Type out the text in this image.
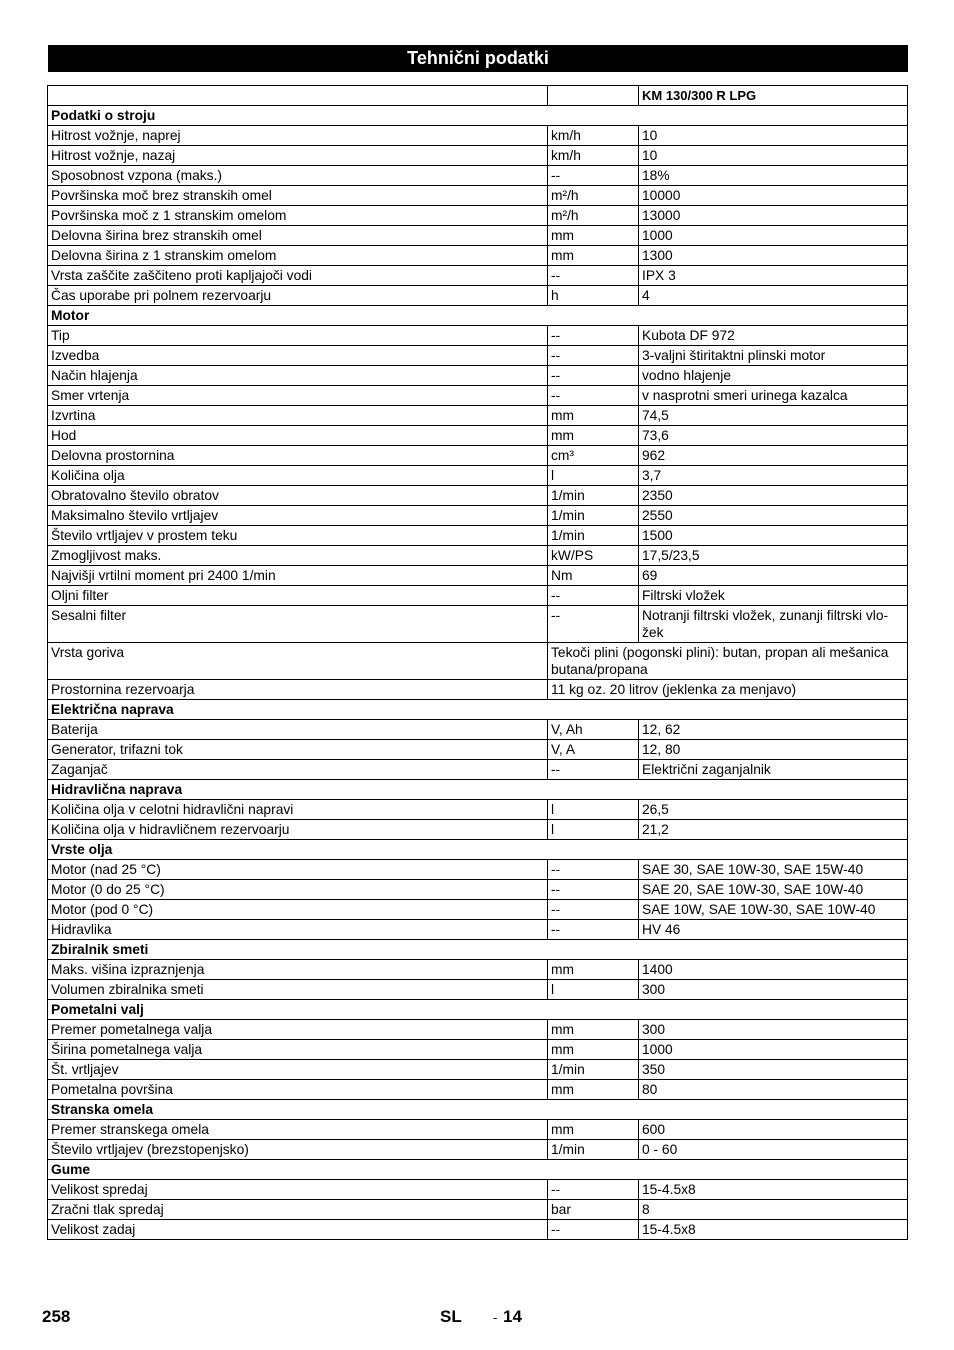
Tehnični podatki
		KM 130/300 R LPG
Podatki o stroju		
Hitrost vožnje, naprej	km/h	10
Hitrost vožnje, nazaj	km/h	10
Sposobnost vzpona (maks.)	--	18%
Površinska moč brez stranskih omel	m²/h	10000
Površinska moč z 1 stranskim omelom	m²/h	13000
Delovna širina brez stranskih omel	mm	1000
Delovna širina z 1 stranskim omelom	mm	1300
Vrsta zaščite zaščiteno proti kapljajoči vodi	--	IPX 3
Čas uporabe pri polnem rezervoarju	h	4
Motor		
Tip	--	Kubota DF 972
Izvedba	--	3-valjni štiritaktni plinski motor
Način hlajenja	--	vodno hlajenje
Smer vrtenja	--	v nasprotni smeri urinega kazalca
Izvrtina	mm	74,5
Hod	mm	73,6
Delovna prostornina	cm³	962
Količina olja	l	3,7
Obratovalno število obratov	1/min	2350
Maksimalno število vrtljajev	1/min	2550
Število vrtljajev v prostem teku	1/min	1500
Zmogljivost maks.	kW/PS	17,5/23,5
Najvišji vrtilni moment pri 2400 1/min	Nm	69
Oljni filter	--	Filtrski vložek
Sesalni filter	--	Notranji filtrski vložek, zunanji filtrski vlo-žek
Vrsta goriva	Tekoči plini (pogonski plini): butan, propan ali mešanica butana/propana	
Prostornina rezervoarja	11 kg oz. 20 litrov (jeklenka za menjavo)	
Električna naprava		
Baterija	V, Ah	12, 62
Generator, trifazni tok	V, A	12, 80
Zaganjač	--	Električni zaganjalnik
Hidravlična naprava		
Količina olja v celotni hidravlični napravi	l	26,5
Količina olja v hidravličnem rezervoarju	l	21,2
Vrste olja		
Motor (nad 25 °C)	--	SAE 30, SAE 10W-30, SAE 15W-40
Motor (0 do 25 °C)	--	SAE 20, SAE 10W-30, SAE 10W-40
Motor (pod 0 °C)	--	SAE 10W, SAE 10W-30, SAE 10W-40
Hidravlika	--	HV 46
Zbiralnik smeti		
Maks. višina izpraznjenja	mm	1400
Volumen zbiralnika smeti	l	300
Pometalni valj		
Premer pometalnega valja	mm	300
Širina pometalnega valja	mm	1000
Št. vrtljajev	1/min	350
Pometalna površina	mm	80
Stranska omela		
Premer stranskega omela	mm	600
Število vrtljajev (brezstopenjsko)	1/min	0 - 60
Gume		
Velikost spredaj	--	15-4.5x8
Zračni tlak spredaj	bar	8
Velikost zadaj	--	15-4.5x8
258	SL - 14
